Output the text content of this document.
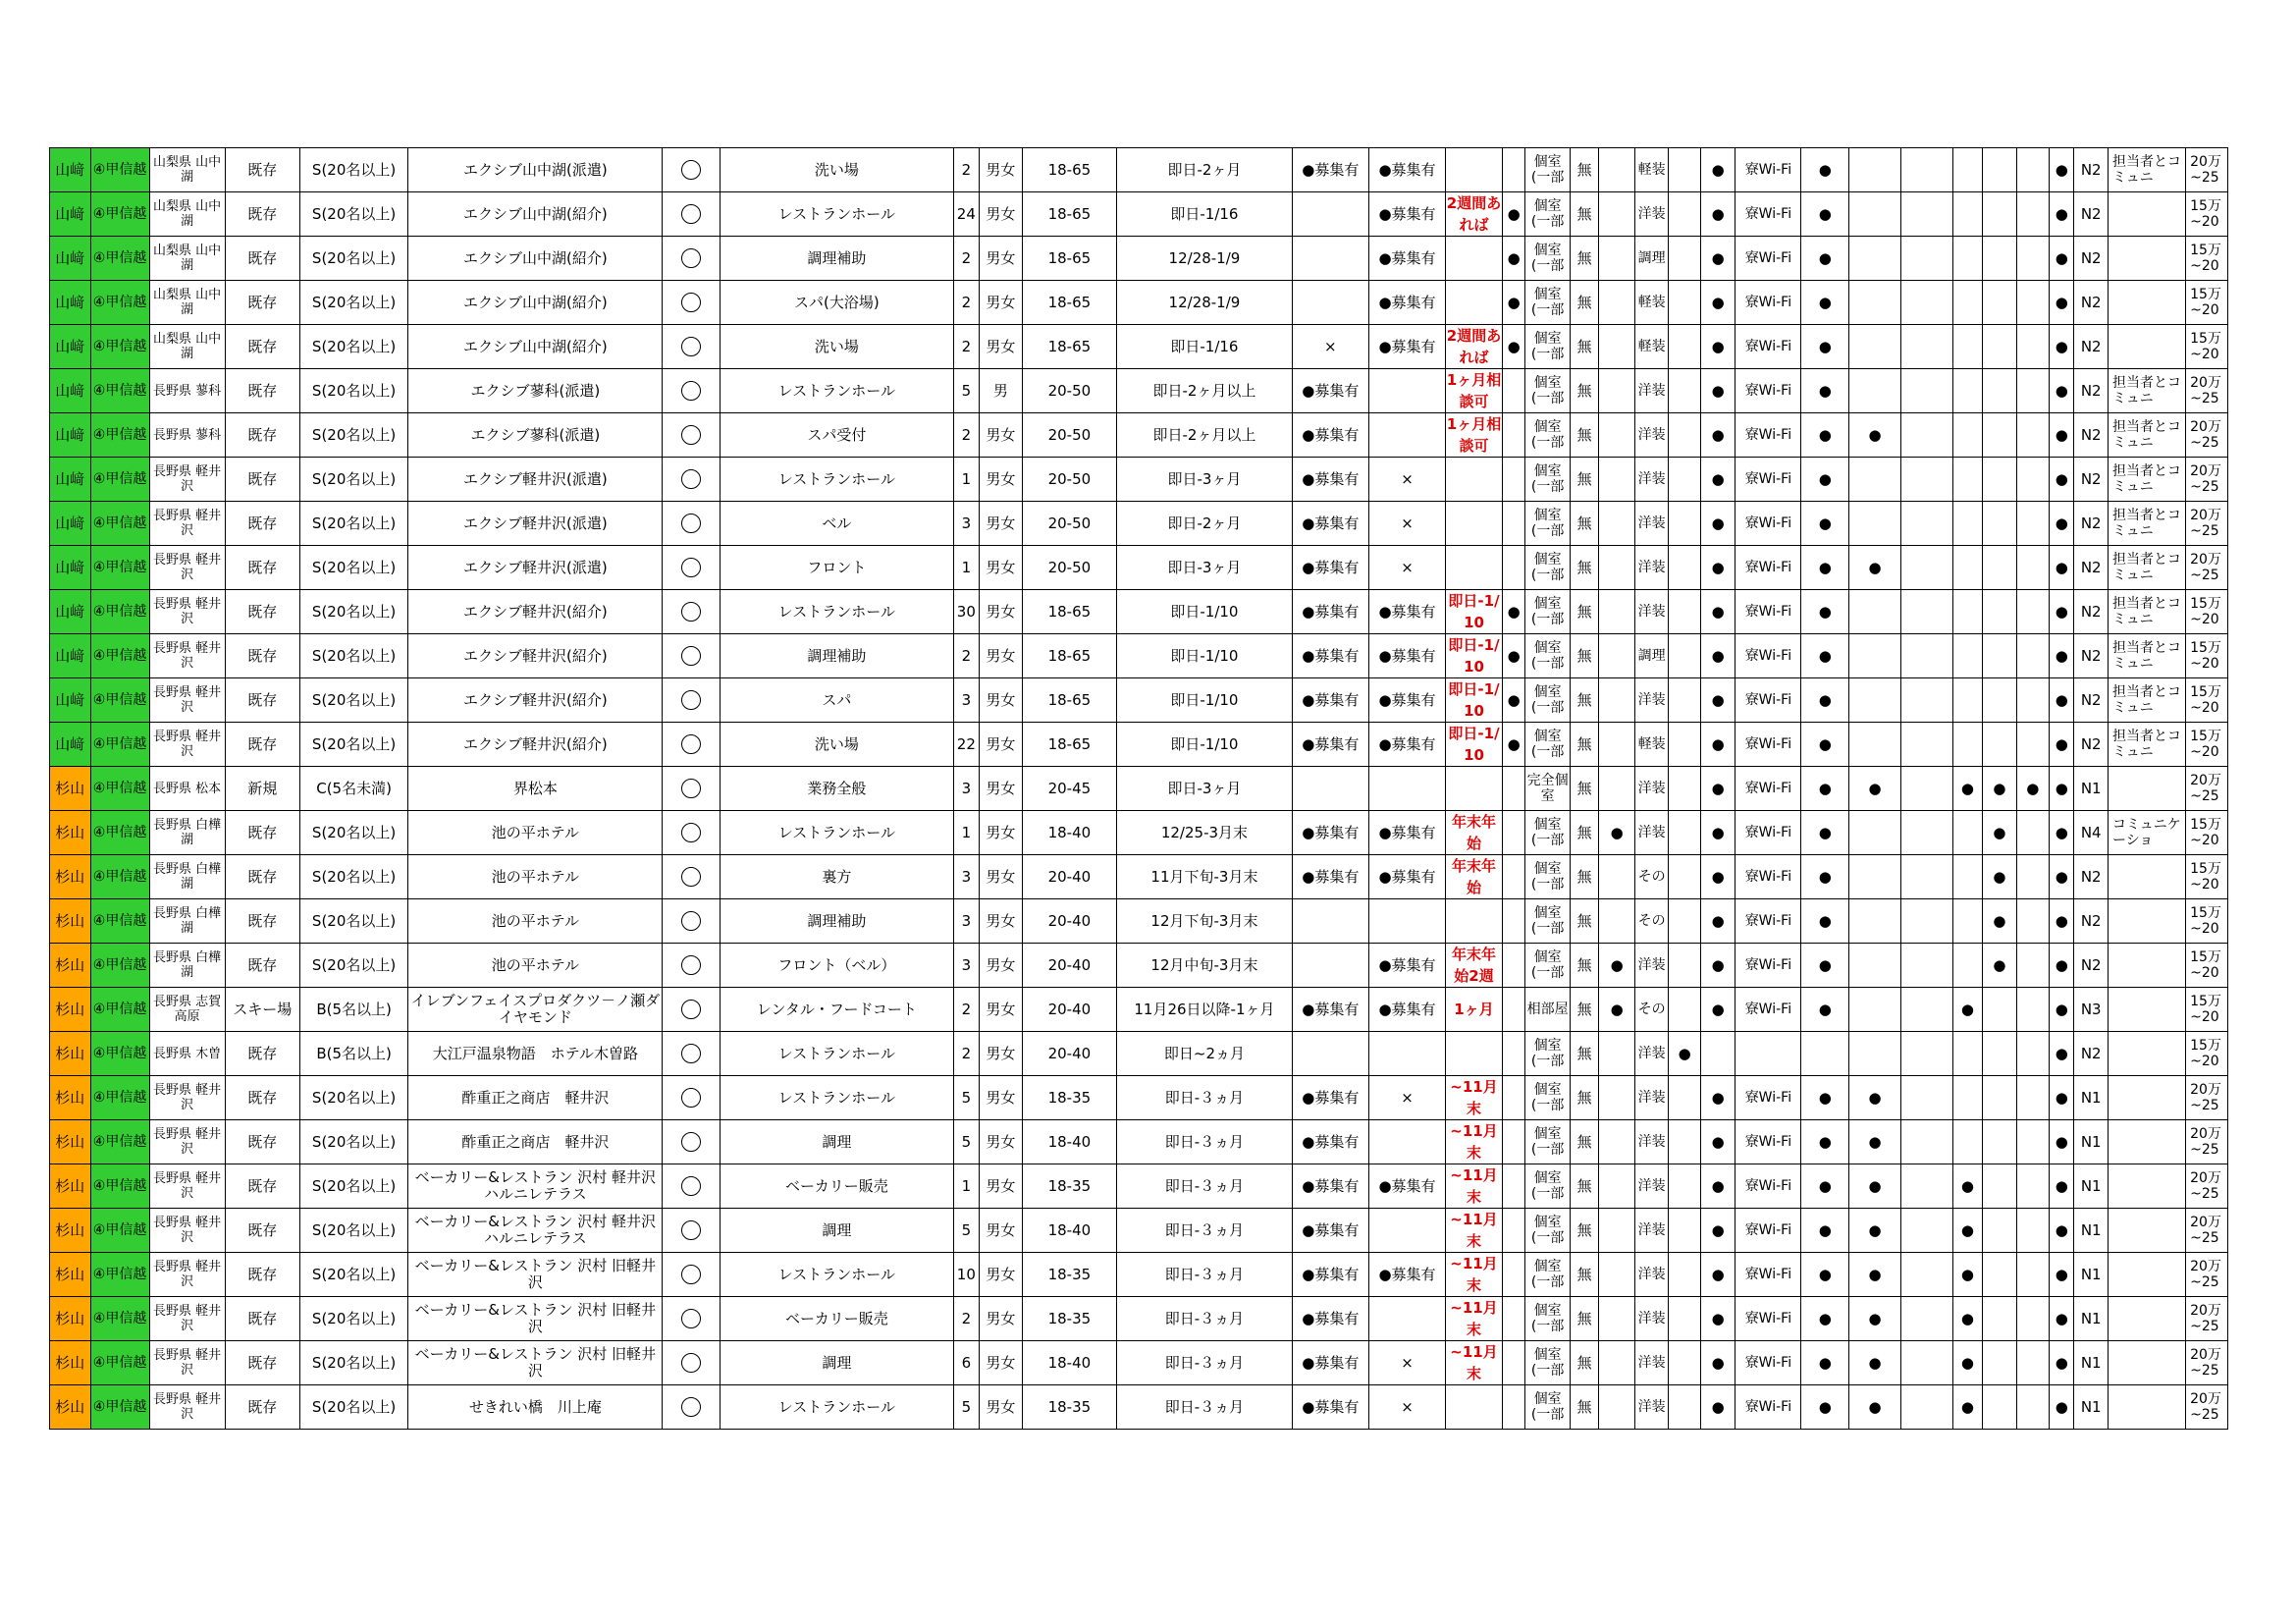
山﨑	④甲信越	山梨県 山中湖	既存	S(20名以上)	エクシブ山中湖(派遣)		洗い場	2	男女	18-65	即日-2ヶ月	●募集有	●募集有			個室(一部	無		軽装		●	寮Wi-Fi	●						●	N2	担当者とコミュニ	20万~25

山﨑	④甲信越	山梨県 山中湖	既存	S(20名以上)	エクシブ山中湖(紹介)		レストランホール	24	男女	18-65	即日-1/16		●募集有	2週間あれば	●	個室(一部	無		洋装		●	寮Wi-Fi	●						●	N2		15万~20

山﨑	④甲信越	山梨県 山中湖	既存	S(20名以上)	エクシブ山中湖(紹介)		調理補助	2	男女	18-65	12/28-1/9		●募集有		●	個室(一部	無		調理		●	寮Wi-Fi	●						●	N2		15万~20

山﨑	④甲信越	山梨県 山中湖	既存	S(20名以上)	エクシブ山中湖(紹介)		スパ(大浴場)	2	男女	18-65	12/28-1/9		●募集有		●	個室(一部	無		軽装		●	寮Wi-Fi	●						●	N2		15万~20

山﨑	④甲信越	山梨県 山中湖	既存	S(20名以上)	エクシブ山中湖(紹介)		洗い場	2	男女	18-65	即日-1/16	×	●募集有	2週間あれば	●	個室(一部	無		軽装		●	寮Wi-Fi	●						●	N2		15万~20

山﨑	④甲信越	長野県 蓼科	既存	S(20名以上)	エクシブ蓼科(派遣)		レストランホール	5	男	20-50	即日-2ヶ月以上	●募集有		1ヶ月相談可		個室(一部	無		洋装		●	寮Wi-Fi	●						●	N2	担当者とコミュニ	20万~25

山﨑	④甲信越	長野県 蓼科	既存	S(20名以上)	エクシブ蓼科(派遣)		スパ受付	2	男女	20-50	即日-2ヶ月以上	●募集有		1ヶ月相談可		個室(一部	無		洋装		●	寮Wi-Fi	●	●					●	N2	担当者とコミュニ	20万~25

山﨑	④甲信越	長野県 軽井沢	既存	S(20名以上)	エクシブ軽井沢(派遣)		レストランホール	1	男女	20-50	即日-3ヶ月	●募集有	×			個室(一部	無		洋装		●	寮Wi-Fi	●						●	N2	担当者とコミュニ	20万~25

山﨑	④甲信越	長野県 軽井沢	既存	S(20名以上)	エクシブ軽井沢(派遣)		ベル	3	男女	20-50	即日-2ヶ月	●募集有	×			個室(一部	無		洋装		●	寮Wi-Fi	●						●	N2	担当者とコミュニ	20万~25

山﨑	④甲信越	長野県 軽井沢	既存	S(20名以上)	エクシブ軽井沢(派遣)		フロント	1	男女	20-50	即日-3ヶ月	●募集有	×			個室(一部	無		洋装		●	寮Wi-Fi	●	●					●	N2	担当者とコミュニ	20万~25

山﨑	④甲信越	長野県 軽井沢	既存	S(20名以上)	エクシブ軽井沢(紹介)		レストランホール	30	男女	18-65	即日-1/10	●募集有	●募集有	即日-1/10	●	個室(一部	無		洋装		●	寮Wi-Fi	●						●	N2	担当者とコミュニ	15万~20

山﨑	④甲信越	長野県 軽井沢	既存	S(20名以上)	エクシブ軽井沢(紹介)		調理補助	2	男女	18-65	即日-1/10	●募集有	●募集有	即日-1/10	●	個室(一部	無		調理		●	寮Wi-Fi	●						●	N2	担当者とコミュニ	15万~20

山﨑	④甲信越	長野県 軽井沢	既存	S(20名以上)	エクシブ軽井沢(紹介)		スパ	3	男女	18-65	即日-1/10	●募集有	●募集有	即日-1/10	●	個室(一部	無		洋装		●	寮Wi-Fi	●						●	N2	担当者とコミュニ	15万~20

山﨑	④甲信越	長野県 軽井沢	既存	S(20名以上)	エクシブ軽井沢(紹介)		洗い場	22	男女	18-65	即日-1/10	●募集有	●募集有	即日-1/10	●	個室(一部	無		軽装		●	寮Wi-Fi	●						●	N2	担当者とコミュニ	15万~20

杉山	④甲信越	長野県 松本	新規	C(5名未満)	界松本		業務全般	3	男女	20-45	即日-3ヶ月					完全個室	無		洋装		●	寮Wi-Fi	●	●		●	●	●	●	N1		20万~25

杉山	④甲信越	長野県 白樺湖	既存	S(20名以上)	池の平ホテル		レストランホール	1	男女	18-40	12/25-3月末	●募集有	●募集有	年末年始		個室(一部	無	●	洋装		●	寮Wi-Fi	●				●		●	N4	コミュニケーショ	15万~20

杉山	④甲信越	長野県 白樺湖	既存	S(20名以上)	池の平ホテル		裏方	3	男女	20-40	11月下旬-3月末	●募集有	●募集有	年末年始		個室(一部	無		その		●	寮Wi-Fi	●				●		●	N2		15万~20

杉山	④甲信越	長野県 白樺湖	既存	S(20名以上)	池の平ホテル		調理補助	3	男女	20-40	12月下旬-3月末					個室(一部	無		その		●	寮Wi-Fi	●				●		●	N2		15万~20

杉山	④甲信越	長野県 白樺湖	既存	S(20名以上)	池の平ホテル		フロント（ベル）	3	男女	20-40	12月中旬-3月末		●募集有	年末年始2週		個室(一部	無	●	洋装		●	寮Wi-Fi	●				●		●	N2		15万~20

杉山	④甲信越	長野県 志賀高原	スキー場	B(5名以上)	イレブンフェイスプロダクツ－ノ瀬ダイヤモンド		レンタル・フードコート	2	男女	20-40	11月26日以降-1ヶ月	●募集有	●募集有	1ヶ月		相部屋	無	●	その		●	寮Wi-Fi	●			●			●	N3		15万~20

杉山	④甲信越	長野県 木曽	既存	B(5名以上)	大江戸温泉物語　ホテル木曽路		レストランホール	2	男女	20-40	即日~2ヵ月					個室(一部	無		洋装	●									●	N2		15万~20

杉山	④甲信越	長野県 軽井沢	既存	S(20名以上)	酢重正之商店　軽井沢		レストランホール	5	男女	18-35	即日-３ヵ月	●募集有	×	~11月末		個室(一部	無		洋装		●	寮Wi-Fi	●	●					●	N1		20万~25

杉山	④甲信越	長野県 軽井沢	既存	S(20名以上)	酢重正之商店　軽井沢		調理	5	男女	18-40	即日-３ヵ月	●募集有		~11月末		個室(一部	無		洋装		●	寮Wi-Fi	●	●					●	N1		20万~25

杉山	④甲信越	長野県 軽井沢	既存	S(20名以上)	ベーカリー&レストラン 沢村 軽井沢ハルニレテラス		ベーカリー販売	1	男女	18-35	即日-３ヵ月	●募集有	●募集有	~11月末		個室(一部	無		洋装		●	寮Wi-Fi	●	●		●			●	N1		20万~25

杉山	④甲信越	長野県 軽井沢	既存	S(20名以上)	ベーカリー&レストラン 沢村 軽井沢ハルニレテラス		調理	5	男女	18-40	即日-３ヵ月	●募集有		~11月末		個室(一部	無		洋装		●	寮Wi-Fi	●	●		●			●	N1		20万~25

杉山	④甲信越	長野県 軽井沢	既存	S(20名以上)	ベーカリー&レストラン 沢村 旧軽井沢		レストランホール	10	男女	18-35	即日-３ヵ月	●募集有	●募集有	~11月末		個室(一部	無		洋装		●	寮Wi-Fi	●	●		●			●	N1		20万~25

杉山	④甲信越	長野県 軽井沢	既存	S(20名以上)	ベーカリー&レストラン 沢村 旧軽井沢		ベーカリー販売	2	男女	18-35	即日-３ヵ月	●募集有		~11月末		個室(一部	無		洋装		●	寮Wi-Fi	●	●		●			●	N1		20万~25

杉山	④甲信越	長野県 軽井沢	既存	S(20名以上)	ベーカリー&レストラン 沢村 旧軽井沢		調理	6	男女	18-40	即日-３ヵ月	●募集有	×	~11月末		個室(一部	無		洋装		●	寮Wi-Fi	●	●		●			●	N1		20万~25

杉山	④甲信越	長野県 軽井沢	既存	S(20名以上)	せきれい橋　川上庵		レストランホール	5	男女	18-35	即日-３ヵ月	●募集有	×			個室(一部	無		洋装		●	寮Wi-Fi	●	●		●			●	N1		20万~25
